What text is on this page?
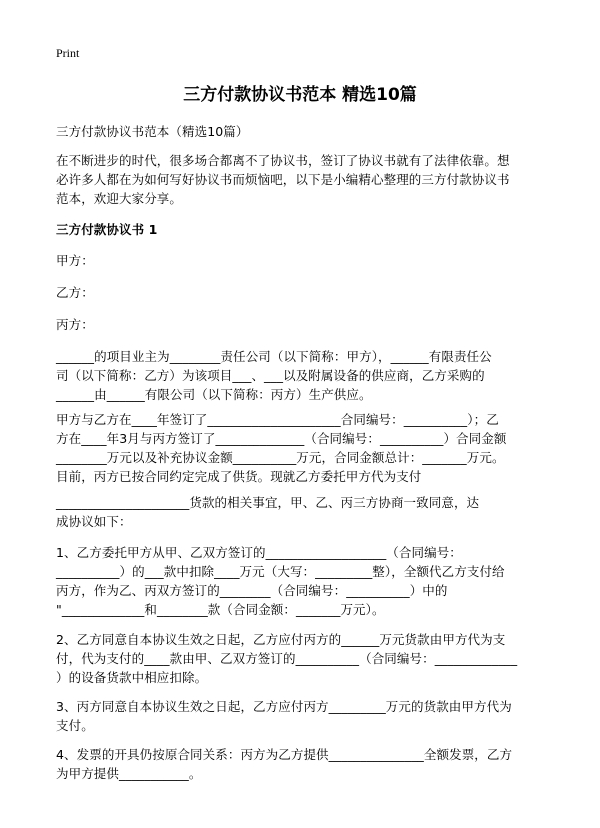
Print
三方付款协议书范本 精选10篇
三方付款协议书范本（精选10篇）
在不断进步的时代，很多场合都离不了协议书，签订了协议书就有了法律依靠。想
必许多人都在为如何写好协议书而烦恼吧，以下是小编精心整理的三方付款协议书
范本，欢迎大家分享。
三方付款协议书 1
甲方：
乙方：
丙方：
______的项目业主为________责任公司（以下简称：甲方），______有限责任公
司（以下简称：乙方）为该项目___、___以及附属设备的供应商，乙方采购的
______由______有限公司（以下简称：丙方）生产供应。
甲方与乙方在____年签订了_____________________合同编号：__________）；乙
方在____年3月与丙方签订了______________（合同编号：__________）合同金额
________万元以及补充协议金额__________万元，合同金额总计：_______万元。
目前，丙方已按合同约定完成了供货。现就乙方委托甲方代为支付
_____________________货款的相关事宜，甲、乙、丙三方协商一致同意，达
成协议如下：
1、乙方委托甲方从甲、乙双方签订的___________________（合同编号：
__________）的___款中扣除____万元（大写：_________整），全额代乙方支付给
丙方，作为乙、丙双方签订的________（合同编号：__________）中的
"_____________和________款（合同金额：_______万元）。
2、乙方同意自本协议生效之日起，乙方应付丙方的______万元货款由甲方代为支
付，代为支付的____款由甲、乙双方签订的__________（合同编号：_____________
）的设备货款中相应扣除。
3、丙方同意自本协议生效之日起，乙方应付丙方_________万元的货款由甲方代为
支付。
4、发票的开具仍按原合同关系：丙方为乙方提供_______________全额发票，乙方
为甲方提供___________。
